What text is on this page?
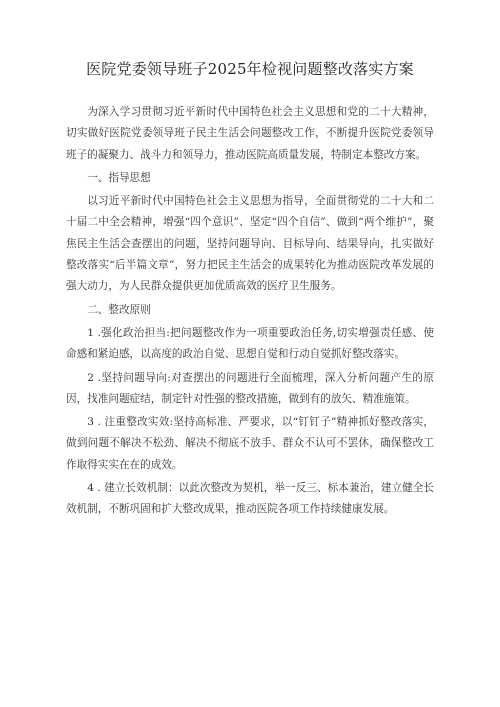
医院党委领导班子2025年检视问题整改落实方案

为深入学习贯彻习近平新时代中国特色社会主义思想和党的二十大精神，切实做好医院党委领导班子民主生活会问题整改工作，不断提升医院党委领导班子的凝聚力、战斗力和领导力，推动医院高质量发展，特制定本整改方案。

一、指导思想

以习近平新时代中国特色社会主义思想为指导，全面贯彻党的二十大和二十届二中全会精神，增强“四个意识”、坚定“四个自信”、做到“两个维护”，聚焦民主生活会查摆出的问题，坚持问题导向、目标导向、结果导向，扎实做好整改落实“后半篇文章”，努力把民主生活会的成果转化为推动医院改革发展的强大动力，为人民群众提供更加优质高效的医疗卫生服务。

二、整改原则

1 .强化政治担当:把问题整改作为一项重要政治任务,切实增强责任感、使命感和紧迫感，以高度的政治自觉、思想自觉和行动自觉抓好整改落实。

2 .坚持问题导向:对查摆出的问题进行全面梳理，深入分析问题产生的原因，找准问题症结，制定针对性强的整改措施，做到有的放矢、精准施策。

3 . 注重整改实效:坚持高标准、严要求，以“钉钉子”精神抓好整改落实，做到问题不解决不松劲、解决不彻底不放手、群众不认可不罢休，确保整改工作取得实实在在的成效。

4 . 建立长效机制：以此次整改为契机，举一反三、标本兼治，建立健全长效机制，不断巩固和扩大整改成果，推动医院各项工作持续健康发展。
